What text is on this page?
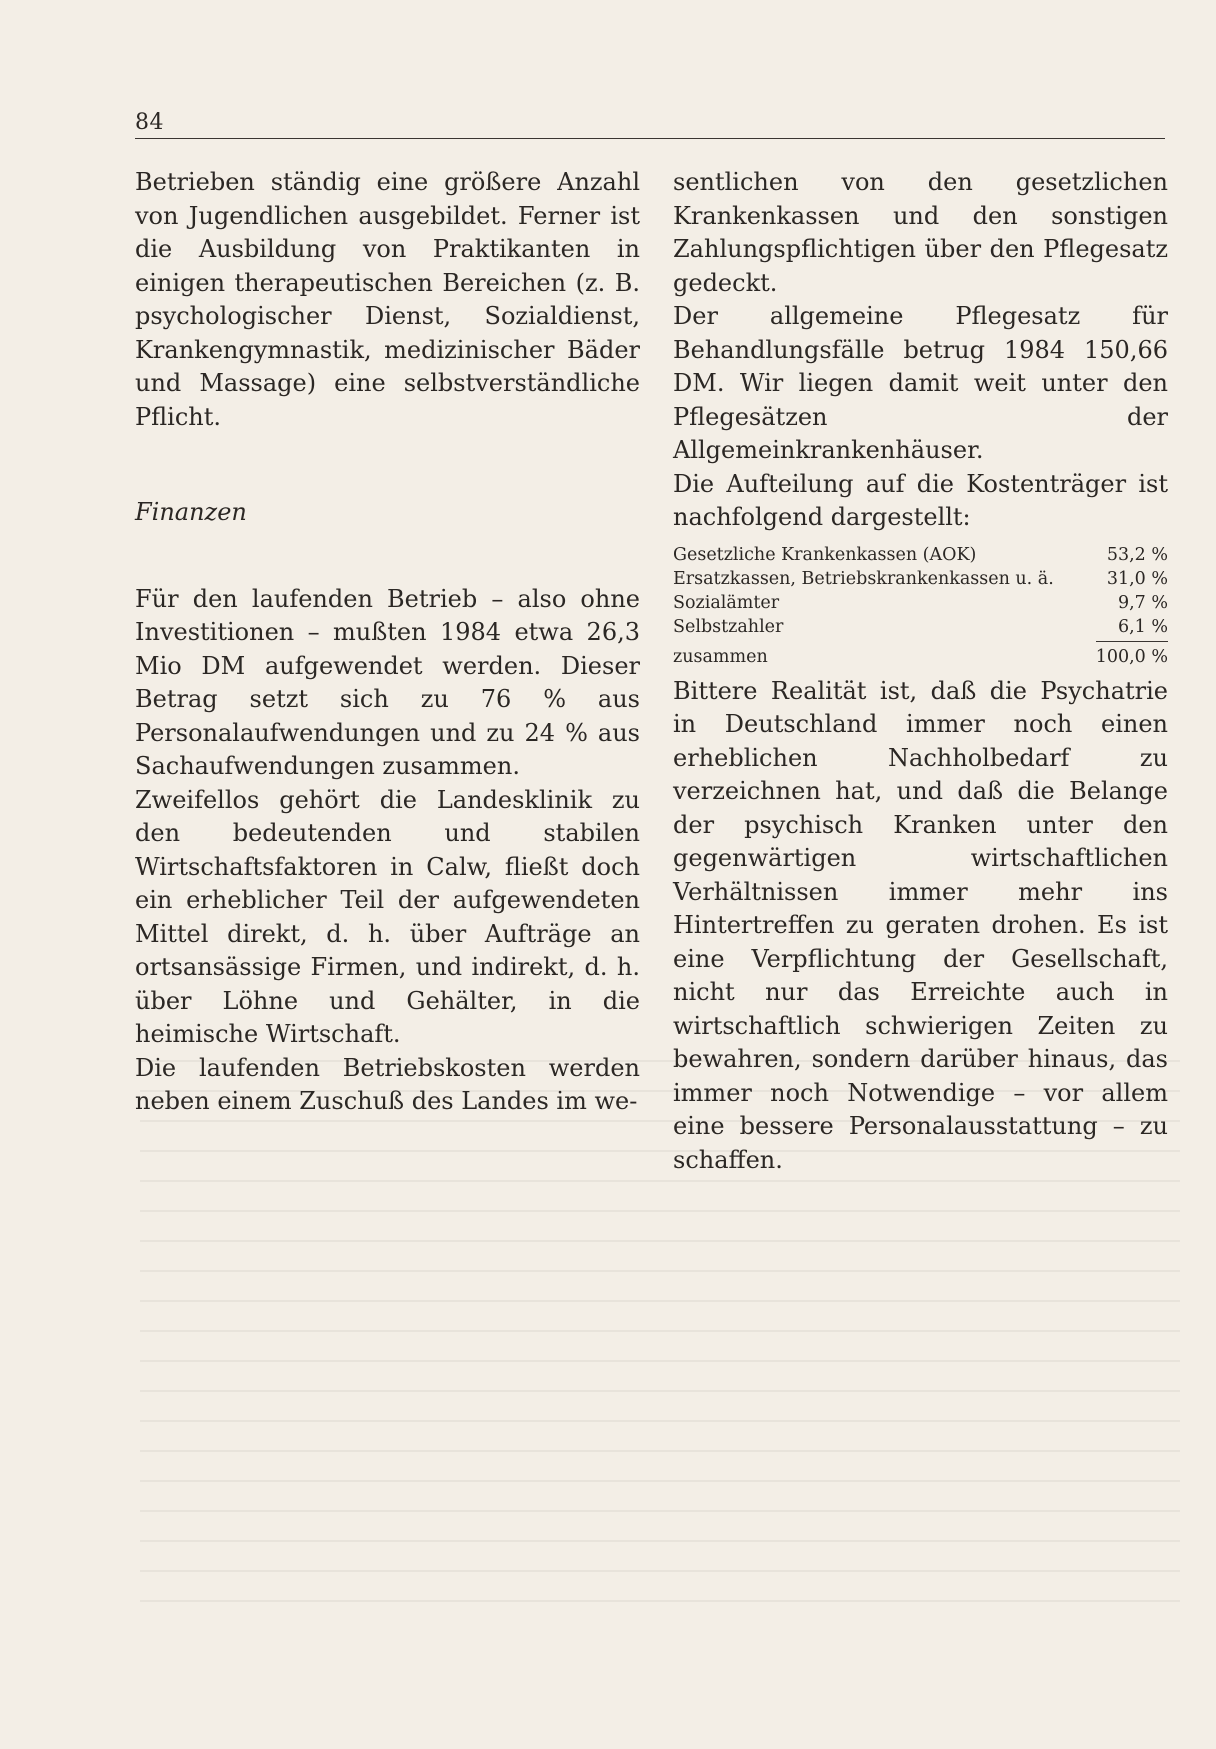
84

Betrieben ständig eine größere Anzahl von Jugendlichen ausgebildet. Ferner ist die Ausbildung von Praktikanten in einigen therapeutischen Bereichen (z. B. psychologischer Dienst, Sozialdienst, Krankengymnastik, medizinischer Bäder und Massage) eine selbstverständliche Pflicht.

Finanzen

Für den laufenden Betrieb – also ohne Investitionen – mußten 1984 etwa 26,3 Mio DM aufgewendet werden. Dieser Betrag setzt sich zu 76 % aus Personalaufwendungen und zu 24 % aus Sachaufwendungen zusammen.

Zweifellos gehört die Landesklinik zu den bedeutenden und stabilen Wirtschaftsfaktoren in Calw, fließt doch ein erheblicher Teil der aufgewendeten Mittel direkt, d. h. über Aufträge an ortsansässige Firmen, und indirekt, d. h. über Löhne und Gehälter, in die heimische Wirtschaft.

Die laufenden Betriebskosten werden neben einem Zuschuß des Landes im we-

sentlichen von den gesetzlichen Krankenkassen und den sonstigen Zahlungspflichtigen über den Pflegesatz gedeckt.

Der allgemeine Pflegesatz für Behandlungsfälle betrug 1984 150,66 DM. Wir liegen damit weit unter den Pflegesätzen der Allgemeinkrankenhäuser.

Die Aufteilung auf die Kostenträger ist nachfolgend dargestellt:

Gesetzliche Krankenkassen (AOK)	53,2 %
Ersatzkassen, Betriebskrankenkassen u. ä.	31,0 %
Sozialämter	9,7 %
Selbstzahler	6,1 %
zusammen	100,0 %

Bittere Realität ist, daß die Psychatrie in Deutschland immer noch einen erheblichen Nachholbedarf zu verzeichnen hat, und daß die Belange der psychisch Kranken unter den gegenwärtigen wirtschaftlichen Verhältnissen immer mehr ins Hintertreffen zu geraten drohen. Es ist eine Verpflichtung der Gesellschaft, nicht nur das Erreichte auch in wirtschaftlich schwierigen Zeiten zu bewahren, sondern darüber hinaus, das immer noch Notwendige – vor allem eine bessere Personalausstattung – zu schaffen.
